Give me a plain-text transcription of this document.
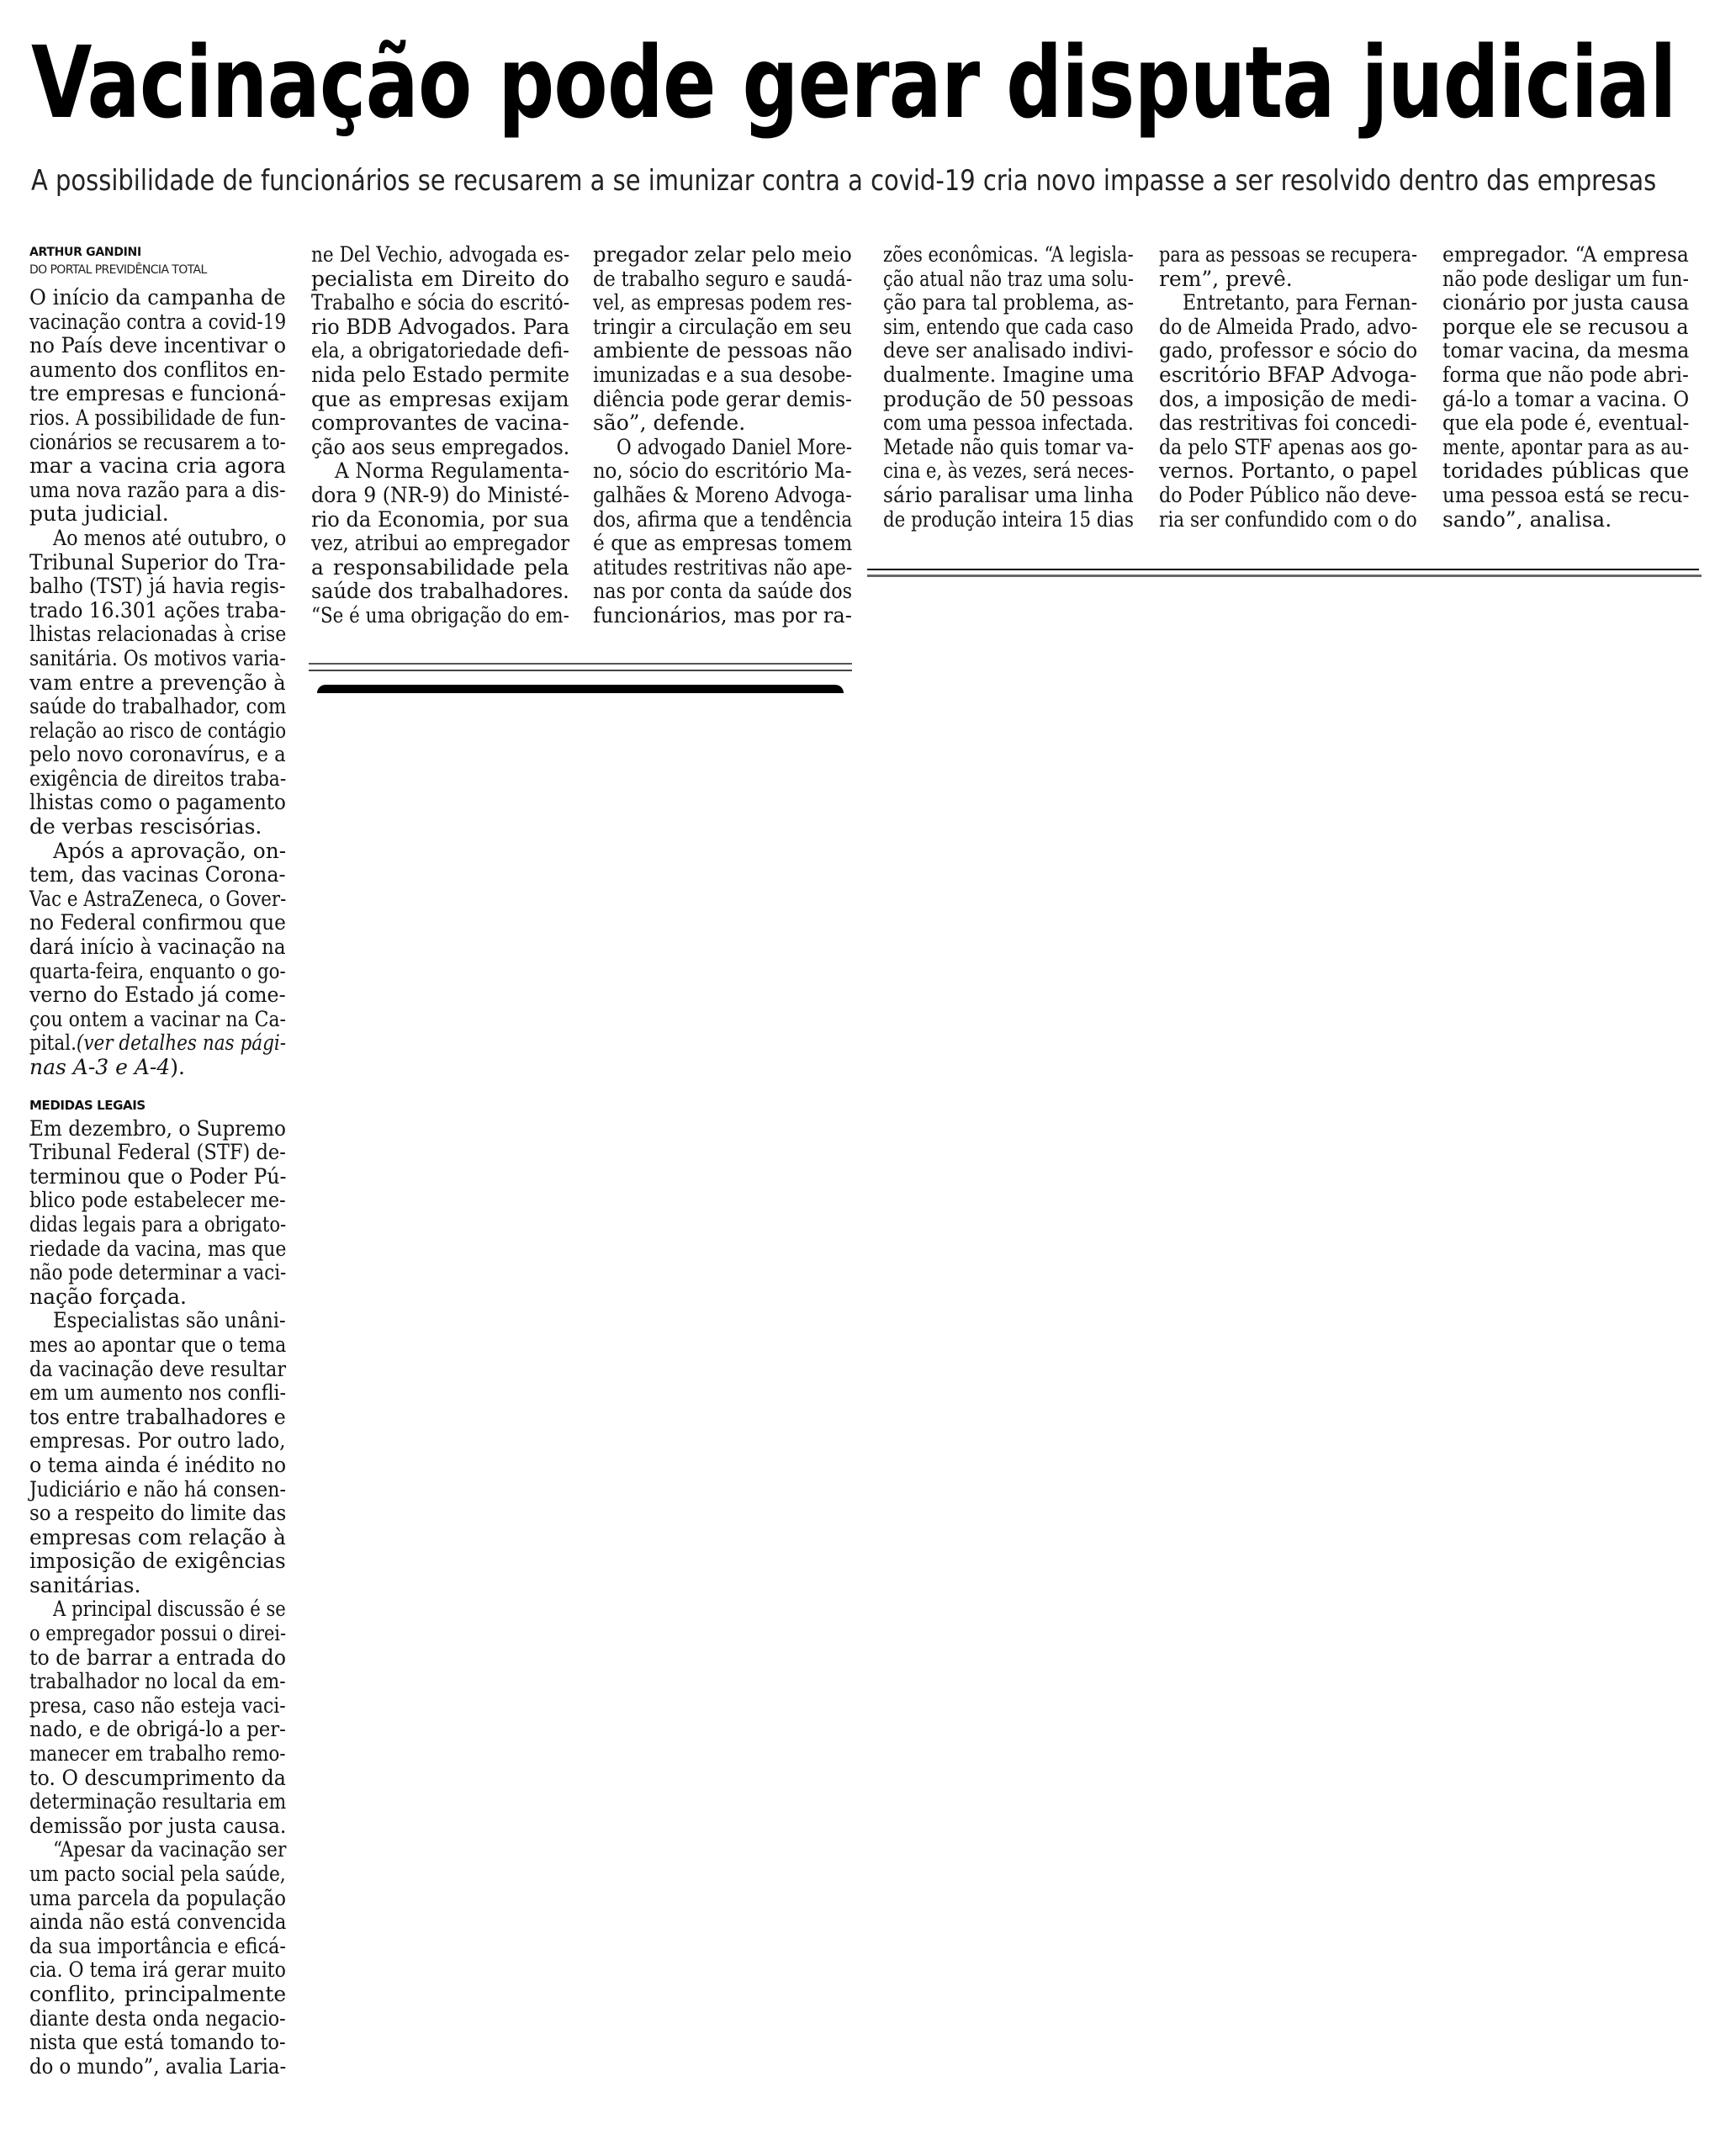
Vacinação pode gerar disputa judicial
A possibilidade de funcionários se recusarem a se imunizar contra a covid-19 cria novo impasse a ser resolvido dentro das empresas
ARTHUR GANDINI
DO PORTAL PREVIDÊNCIA TOTAL
O início da campanha de
vacinação contra a covid-19
no País deve incentivar o
aumento dos conflitos en-
tre empresas e funcioná-
rios. A possibilidade de fun-
cionários se recusarem a to-
mar a vacina cria agora
uma nova razão para a dis-
puta judicial.
Ao menos até outubro, o
Tribunal Superior do Tra-
balho (TST) já havia regis-
trado 16.301 ações traba-
lhistas relacionadas à crise
sanitária. Os motivos varia-
vam entre a prevenção à
saúde do trabalhador, com
relação ao risco de contágio
pelo novo coronavírus, e a
exigência de direitos traba-
lhistas como o pagamento
de verbas rescisórias.
Após a aprovação, on-
tem, das vacinas Corona-
Vac e AstraZeneca, o Gover-
no Federal confirmou que
dará início à vacinação na
quarta-feira, enquanto o go-
verno do Estado já come-
çou ontem a vacinar na Ca-
pital.(ver detalhes nas pági-
nas A-3 e A-4).
MEDIDAS LEGAIS
Em dezembro, o Supremo
Tribunal Federal (STF) de-
terminou que o Poder Pú-
blico pode estabelecer me-
didas legais para a obrigato-
riedade da vacina, mas que
não pode determinar a vaci-
nação forçada.
Especialistas são unâni-
mes ao apontar que o tema
da vacinação deve resultar
em um aumento nos confli-
tos entre trabalhadores e
empresas. Por outro lado,
o tema ainda é inédito no
Judiciário e não há consen-
so a respeito do limite das
empresas com relação à
imposição de exigências
sanitárias.
A principal discussão é se
o empregador possui o direi-
to de barrar a entrada do
trabalhador no local da em-
presa, caso não esteja vaci-
nado, e de obrigá-lo a per-
manecer em trabalho remo-
to. O descumprimento da
determinação resultaria em
demissão por justa causa.
“Apesar da vacinação ser
um pacto social pela saúde,
uma parcela da população
ainda não está convencida
da sua importância e eficá-
cia. O tema irá gerar muito
conflito, principalmente
diante desta onda negacio-
nista que está tomando to-
do o mundo”, avalia Laria-
ne Del Vechio, advogada es-
pecialista em Direito do
Trabalho e sócia do escritó-
rio BDB Advogados. Para
ela, a obrigatoriedade defi-
nida pelo Estado permite
que as empresas exijam
comprovantes de vacina-
ção aos seus empregados.
A Norma Regulamenta-
dora 9 (NR-9) do Ministé-
rio da Economia, por sua
vez, atribui ao empregador
a responsabilidade pela
saúde dos trabalhadores.
“Se é uma obrigação do em-
pregador zelar pelo meio
de trabalho seguro e saudá-
vel, as empresas podem res-
tringir a circulação em seu
ambiente de pessoas não
imunizadas e a sua desobe-
diência pode gerar demis-
são”, defende.
O advogado Daniel More-
no, sócio do escritório Ma-
galhães & Moreno Advoga-
dos, afirma que a tendência
é que as empresas tomem
atitudes restritivas não ape-
nas por conta da saúde dos
funcionários, mas por ra-
zões econômicas. “A legisla-
ção atual não traz uma solu-
ção para tal problema, as-
sim, entendo que cada caso
deve ser analisado indivi-
dualmente. Imagine uma
produção de 50 pessoas
com uma pessoa infectada.
Metade não quis tomar va-
cina e, às vezes, será neces-
sário paralisar uma linha
de produção inteira 15 dias
para as pessoas se recupera-
rem”, prevê.
Entretanto, para Fernan-
do de Almeida Prado, advo-
gado, professor e sócio do
escritório BFAP Advoga-
dos, a imposição de medi-
das restritivas foi concedi-
da pelo STF apenas aos go-
vernos. Portanto, o papel
do Poder Público não deve-
ria ser confundido com o do
empregador. “A empresa
não pode desligar um fun-
cionário por justa causa
porque ele se recusou a
tomar vacina, da mesma
forma que não pode abri-
gá-lo a tomar a vacina. O
que ela pode é, eventual-
mente, apontar para as au-
toridades públicas que
uma pessoa está se recu-
sando”, analisa.
